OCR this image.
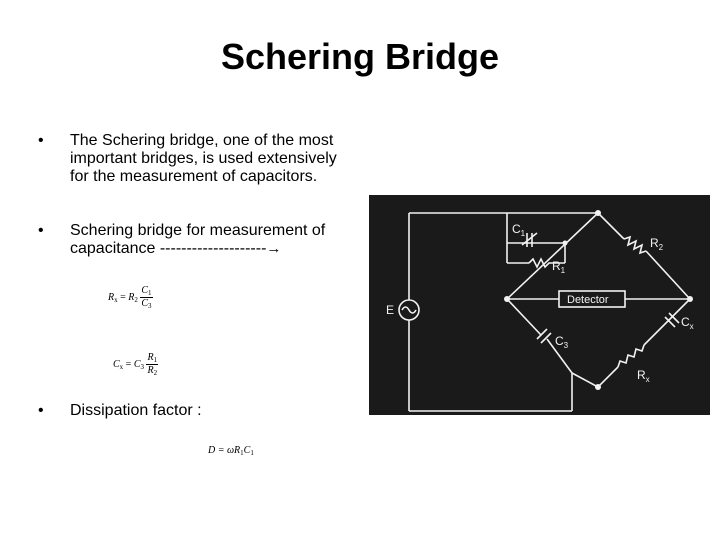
Schering Bridge
•	The Schering bridge, one of the most important bridges, is used extensively for the measurement of capacitors.
•	Schering bridge for measurement of capacitance --------------------→
•	Dissipation factor :
$R_x = R_2 \frac{C_1}{C_3}$
$C_x = C_3 \frac{R_1}{R_2}$
$D = \omega R_1C_1$
$C_1$
$R_1$
$R_2$
E
Detector
$C_x$
$C_3$
$R_x$
